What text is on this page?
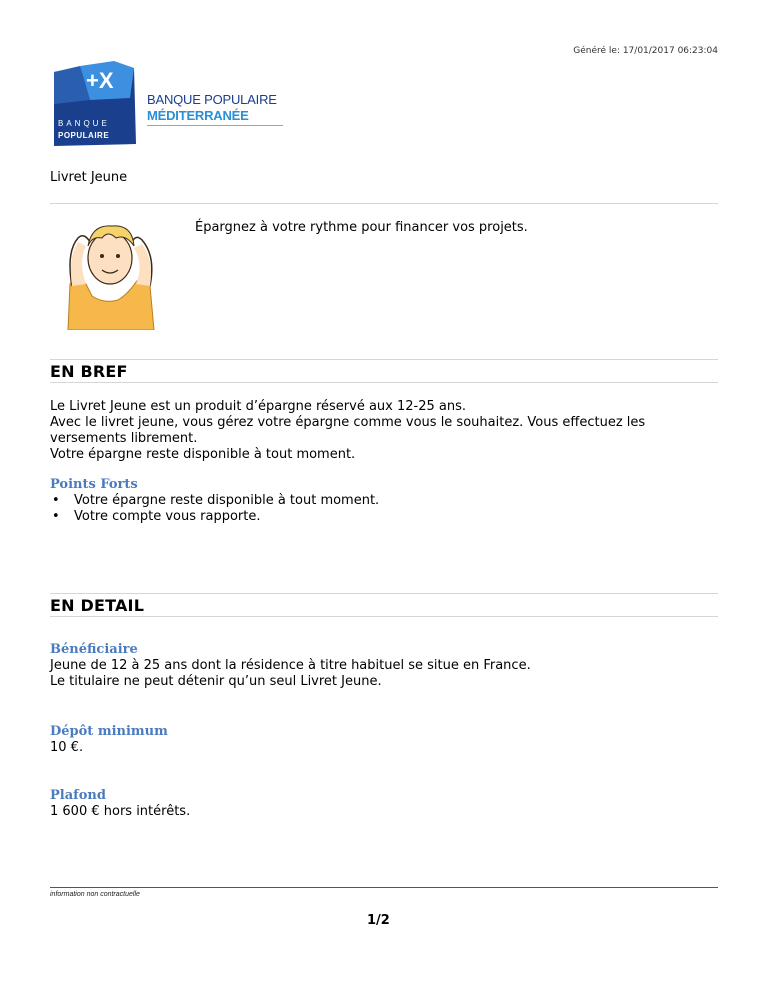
Généré le: 17/01/2017 06:23:04
+X
BANQUE
POPULAIRE
BANQUE POPULAIRE
MÉDITERRANÉE
Livret Jeune
Épargnez à votre rythme pour financer vos projets.
EN BREF
Le Livret Jeune est un produit d’épargne réservé aux 12-25 ans.
Avec le livret jeune, vous gérez votre épargne comme vous le souhaitez. Vous effectuez les
versements librement.
Votre épargne reste disponible à tout moment.
Points Forts
• Votre épargne reste disponible à tout moment.
• Votre compte vous rapporte.
EN DETAIL
Bénéficiaire
Jeune de 12 à 25 ans dont la résidence à titre habituel se situe en France.
Le titulaire ne peut détenir qu’un seul Livret Jeune.
Dépôt minimum
10 €.
Plafond
1 600 € hors intérêts.
information non contractuelle
1/2
